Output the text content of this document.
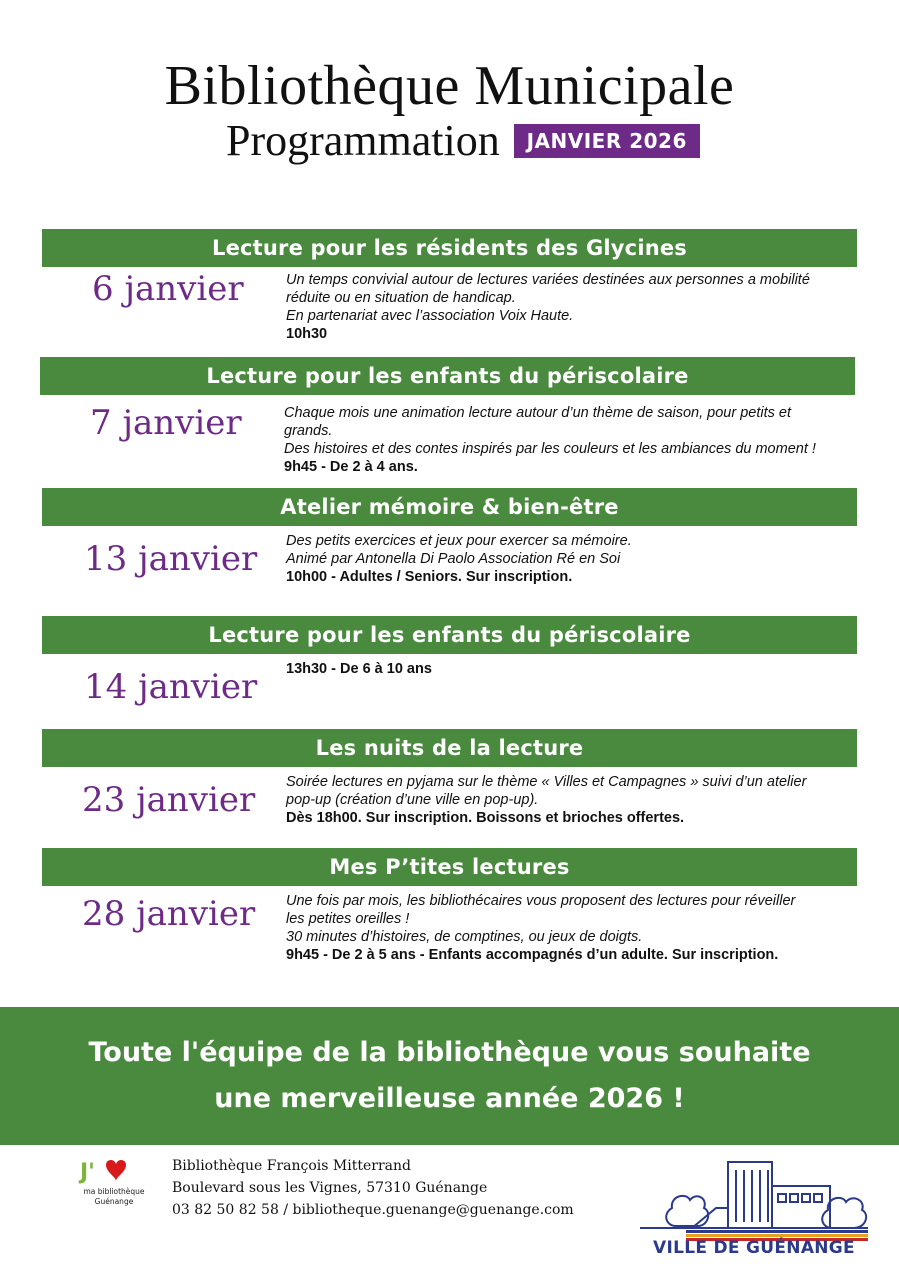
Bibliothèque Municipale
Programmation	JANVIER 2026
Lecture pour les résidents des Glycines
6 janvier	Un temps convivial autour de lectures variées destinées aux personnes a mobilité
réduite ou en situation de handicap.
En partenariat avec l’association Voix Haute.
10h30
Lecture pour les enfants du périscolaire
7 janvier	Chaque mois une animation lecture autour d’un thème de saison, pour petits et
grands.
Des histoires et des contes inspirés par les couleurs et les ambiances du moment !
9h45 - De 2 à 4 ans.
Atelier mémoire & bien-être
13 janvier Des petits exercices et jeux pour exercer sa mémoire.
Animé par Antonella Di Paolo Association Ré en Soi
10h00 - Adultes / Seniors. Sur inscription.
Lecture pour les enfants du périscolaire
14 janvier 13h30 - De 6 à 10 ans
Les nuits de la lecture
23 janvier Soirée lectures en pyjama sur le thème « Villes et Campagnes » suivi d’un atelier
pop-up (création d’une ville en pop-up).
Dès 18h00. Sur inscription. Boissons et brioches offertes.
Mes P’tites lectures
28 janvier Une fois par mois, les bibliothécaires vous proposent des lectures pour réveiller
les petites oreilles !
30 minutes d’histoires, de comptines, ou jeux de doigts.
9h45 - De 2 à 5 ans - Enfants accompagnés d’un adulte. Sur inscription.
Toute l'équipe de la bibliothèque vous souhaite
une merveilleuse année 2026 !
J'
ma bibliothèque Guénange
Bibliothèque François Mitterrand
Boulevard sous les Vignes, 57310 Guénange
03 82 50 82 58 / bibliotheque.guenange@guenange.com
VILLE DE GUÉNANGE
